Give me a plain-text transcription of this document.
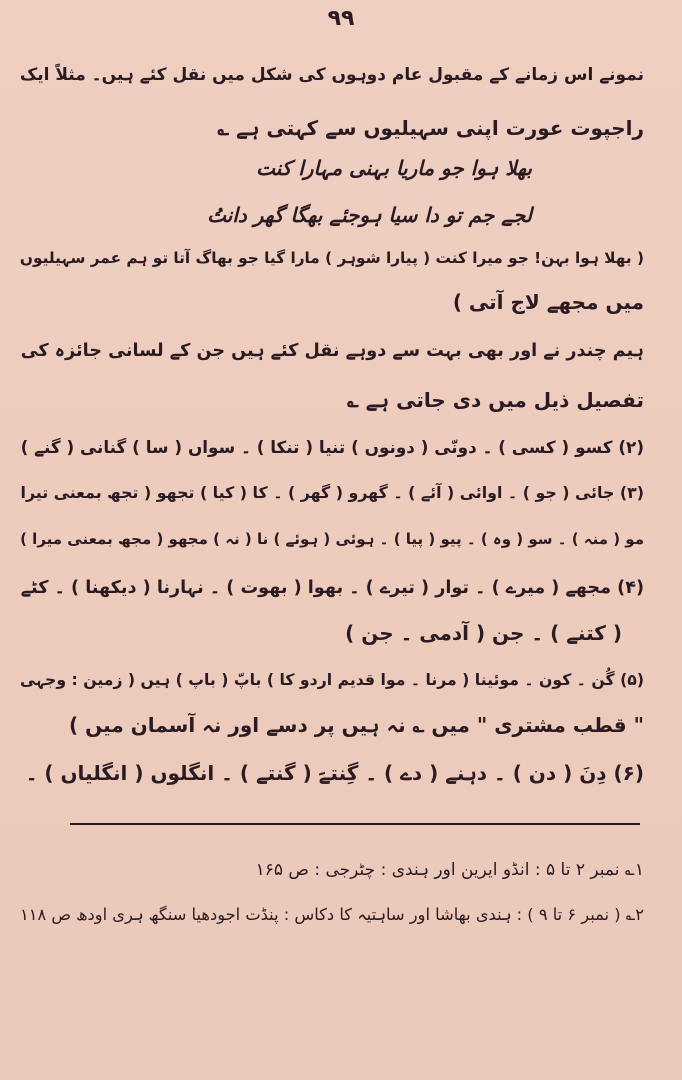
۹۹
نمونے اس زمانے کے مقبول عام دوہوں کی شکل میں نقل کئے ہیں۔ مثلاً ایک
راجپوت عورت اپنی سہیلیوں سے کہتی ہے ؎
بھلا ہوا جو ماریا بہنی مہارا کنت
لجے جم تو دا سیا ہوجئے بھگا گھر دانتُ
( بھلا ہوا بہن! جو میرا کنت ( پیارا شوہر ) مارا گیا جو بھاگ آتا تو ہم عمر سہیلیوں
میں مجھے لاج آتی )
ہیم چندر نے اور بھی بہت سے دوہے نقل کئے ہیں جن کے لسانی جائزہ کی
تفصیل ذیل میں دی جاتی ہے ؎
(۲) کسو ( کسی ) ۔ دونّی ( دونوں ) تنیا ( تنکا ) ۔ سواں ( سا ) گنانی ( گنے )
(۳) جائی ( جو ) ۔ اوائی ( آئے ) ۔ گھرو ( گھر ) ۔ کا ( کیا ) تجھو ( تجھ بمعنی تیرا
مو ( منہ ) ۔ سو ( وہ ) ۔ پیو ( پیا ) ۔ ہوئی ( ہوئے ) نا ( نہ ) مجھو ( مجھ بمعنی میرا )
(۴) مجھے ( میرے ) ۔ توار ( تیرے ) ۔ بھوا ( بھوت ) ۔ نہارنا ( دیکھنا ) ۔ کٹے
( کتنے ) ۔ جن ( آدمی ۔ جن )
(۵) گُن ۔ کون ۔ موئینا ( مرنا ۔ موا قدیم اردو کا ) باپّ ( باپ ) ہیں ( زمین : وجہی
" قطب مشتری " میں ؎ نہ ہیں پر دسے اور نہ آسمان میں )
(۶) دِنَ ( دن ) ۔ دہنے ( دے ) ۔ گِنتےَ ( گنتے ) ۔ انگلوں ( انگلیاں ) ۔
۱؎ نمبر ۲ تا ۵ : انڈو ایرین اور ہندی : چٹرجی : ص ۱۶۵
۲؎ ( نمبر ۶ تا ۹ ) : ہندی بھاشا اور ساہتیہ کا دکاس : پنڈت اجودھیا سنگھ ہری اودھ ص ۱۱۸
